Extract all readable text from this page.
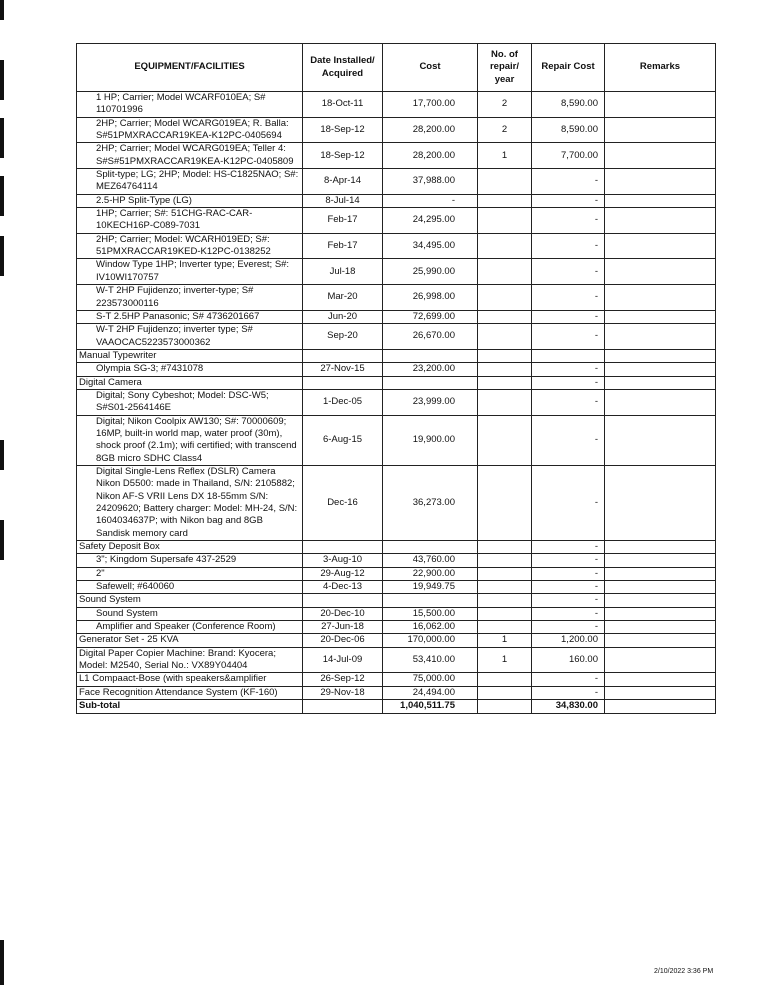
EQUIPMENT/FACILITIES	Date Installed/ Acquired	Cost	No. of repair/ year	Repair Cost	Remarks
1 HP; Carrier; Model WCARF010EA; S# 110701996	18-Oct-11	17,700.00	2	8,590.00	
2HP; Carrier; Model WCARG019EA; R. Balla: S#51PMXRACCAR19KEA-K12PC-0405694	18-Sep-12	28,200.00	2	8,590.00	
2HP; Carrier; Model WCARG019EA; Teller 4: S#S#51PMXRACCAR19KEA-K12PC-0405809	18-Sep-12	28,200.00	1	7,700.00	
Split-type; LG; 2HP; Model: HS-C1825NAO; S#: MEZ64764114	8-Apr-14	37,988.00		-	
2.5-HP Split-Type (LG)	8-Jul-14	-		-	
1HP; Carrier; S#: 51CHG-RAC-CAR-10KECH16P-C089-7031	Feb-17	24,295.00		-	
2HP; Carrier; Model: WCARH019ED; S#: 51PMXRACCAR19KED-K12PC-0138252	Feb-17	34,495.00		-	
Window Type 1HP; Inverter type; Everest; S#: IV10WI170757	Jul-18	25,990.00		-	
W-T 2HP Fujidenzo; inverter-type; S# 223573000116	Mar-20	26,998.00		-	
S-T 2.5HP Panasonic; S# 4736201667	Jun-20	72,699.00		-	
W-T 2HP Fujidenzo; inverter type; S# VAAOCAC5223573000362	Sep-20	26,670.00		-	
Manual Typewriter					
Olympia SG-3; #7431078	27-Nov-15	23,200.00		-	
Digital Camera				-	
Digital; Sony Cybeshot; Model: DSC-W5; S#S01-2564146E	1-Dec-05	23,999.00		-	
Digital; Nikon Coolpix AW130; S#: 70000609; 16MP, built-in world map, water proof (30m), shock proof (2.1m); wifi certified; with transcend 8GB micro SDHC Class4	6-Aug-15	19,900.00		-	
Digital Single-Lens Reflex (DSLR) Camera Nikon D5500: made in Thailand, S/N: 2105882; Nikon AF-S VRII Lens DX 18-55mm S/N: 24209620; Battery charger: Model: MH-24, S/N: 1604034637P; with Nikon bag and 8GB Sandisk memory card	Dec-16	36,273.00		-	
Safety Deposit Box				-	
3"; Kingdom Supersafe 437-2529	3-Aug-10	43,760.00		-	
2"	29-Aug-12	22,900.00		-	
Safewell; #640060	4-Dec-13	19,949.75		-	
Sound System				-	
Sound System	20-Dec-10	15,500.00		-	
Amplifier and Speaker (Conference Room)	27-Jun-18	16,062.00		-	
Generator Set - 25 KVA	20-Dec-06	170,000.00	1	1,200.00	
Digital Paper Copier Machine: Brand: Kyocera; Model: M2540, Serial No.: VX89Y04404	14-Jul-09	53,410.00	1	160.00	
L1 Compaact-Bose (with speakers&amplifier	26-Sep-12	75,000.00		-	
Face Recognition Attendance System (KF-160)	29-Nov-18	24,494.00		-	
Sub-total		1,040,511.75		34,830.00	
2/10/2022 3:36 PM
